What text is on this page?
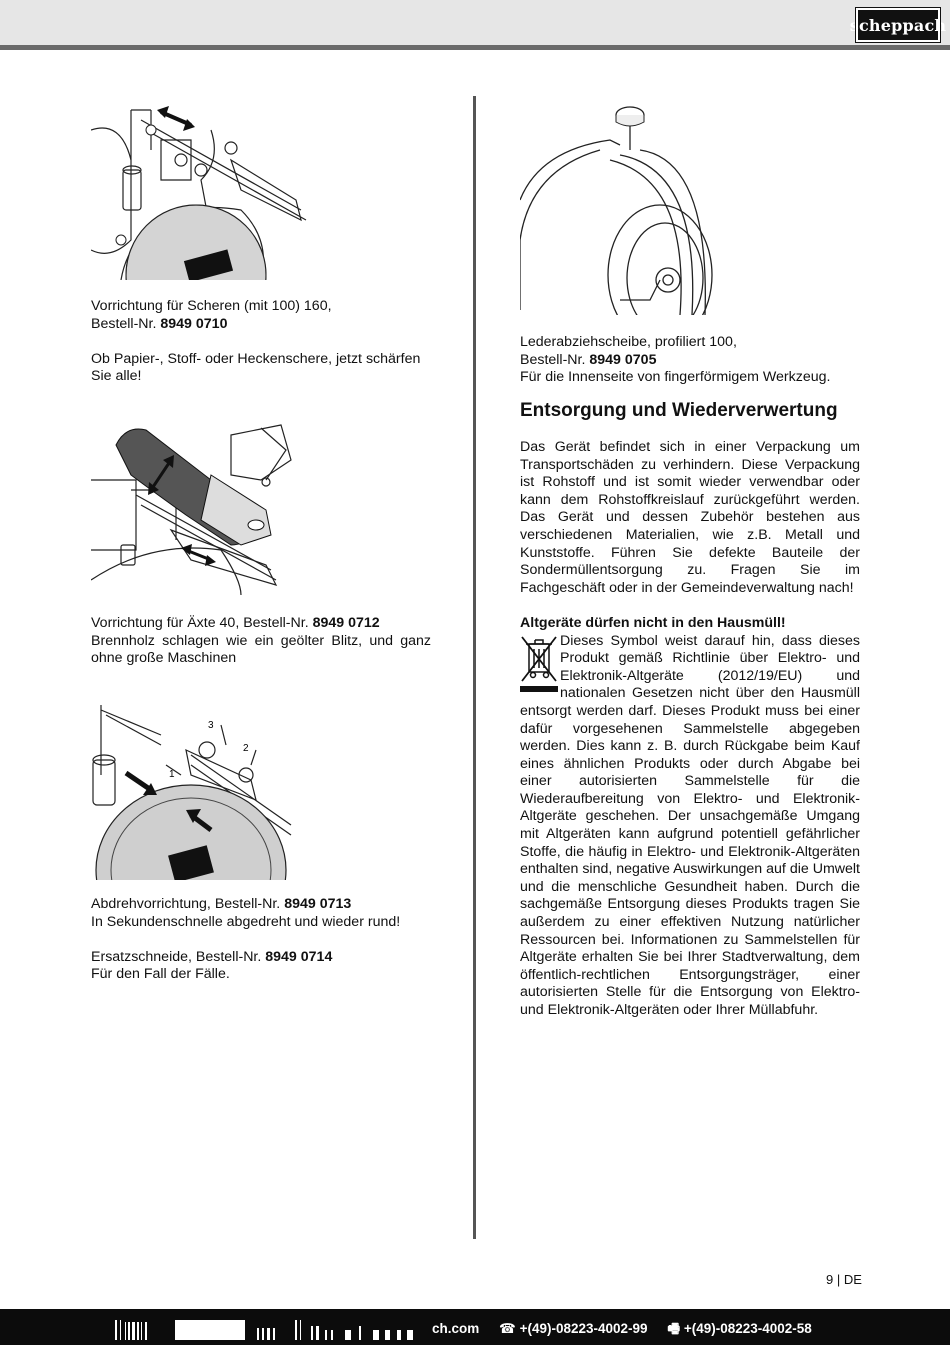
scheppach
1
2
3

Vorrichtung für Scheren (mit 100) 160,

Bestell-Nr. 8949 0710

Ob Papier-, Stoff- oder Heckenschere, jetzt schärfen Sie alle!

Vorrichtung für Äxte 40, Bestell-Nr. 8949 0712

Brennholz schlagen wie ein geölter Blitz, und ganz ohne große Maschinen

Abdrehvorrichtung, Bestell-Nr. 8949 0713

In Sekundenschnelle abgedreht und wieder rund!

Ersatzschneide, Bestell-Nr. 8949 0714

Für den Fall der Fälle.

Lederabziehscheibe, profiliert 100,

Bestell-Nr. 8949 0705

Für die Innenseite von fingerförmigem Werkzeug.

Entsorgung und Wiederverwertung

Das Gerät befindet sich in einer Verpackung um Transportschäden zu verhindern. Diese Verpackung ist Rohstoff und ist somit wieder verwendbar oder kann dem Rohstoffkreislauf zurückgeführt werden. Das Gerät und dessen Zubehör bestehen aus verschiedenen Materialien, wie z.B. Metall und Kunststoffe. Führen Sie defekte Bauteile der Sondermüllentsorgung zu. Fragen Sie im Fachgeschäft oder in der Gemeindeverwaltung nach!

Altgeräte dürfen nicht in den Hausmüll!

Dieses Symbol weist darauf hin, dass dieses Produkt gemäß Richtlinie über Elektro- und Elektronik-Altgeräte (2012/19/EU) und nationalen Gesetzen nicht über den Hausmüll entsorgt werden darf. Dieses Produkt muss bei einer dafür vorgesehenen Sammelstelle abgegeben werden. Dies kann z. B. durch Rückgabe beim Kauf eines ähnlichen Produkts oder durch Abgabe bei einer autorisierten Sammelstelle für die Wiederaufbereitung von Elektro- und Elektronik- Altgeräte geschehen. Der unsachgemäße Umgang mit Altgeräten kann aufgrund potentiell gefährlicher Stoffe, die häufig in Elektro- und Elektronik-Altgeräten enthalten sind, negative Auswirkungen auf die Umwelt und die menschliche Gesundheit haben. Durch die sachgemäße Entsorgung dieses Produkts tragen Sie außerdem zu einer effektiven Nutzung natürlicher Ressourcen bei. Informationen zu Sammelstellen für Altgeräte erhalten Sie bei Ihrer Stadtverwaltung, dem öffentlich-rechtlichen Entsorgungsträger, einer autorisierten Stelle für die Entsorgung von Elektro- und Elektronik-Altgeräten oder Ihrer Müllabfuhr.

9 | DE
ch.com ☎ +(49)-08223-4002-99 🖷 +(49)-08223-4002-58
